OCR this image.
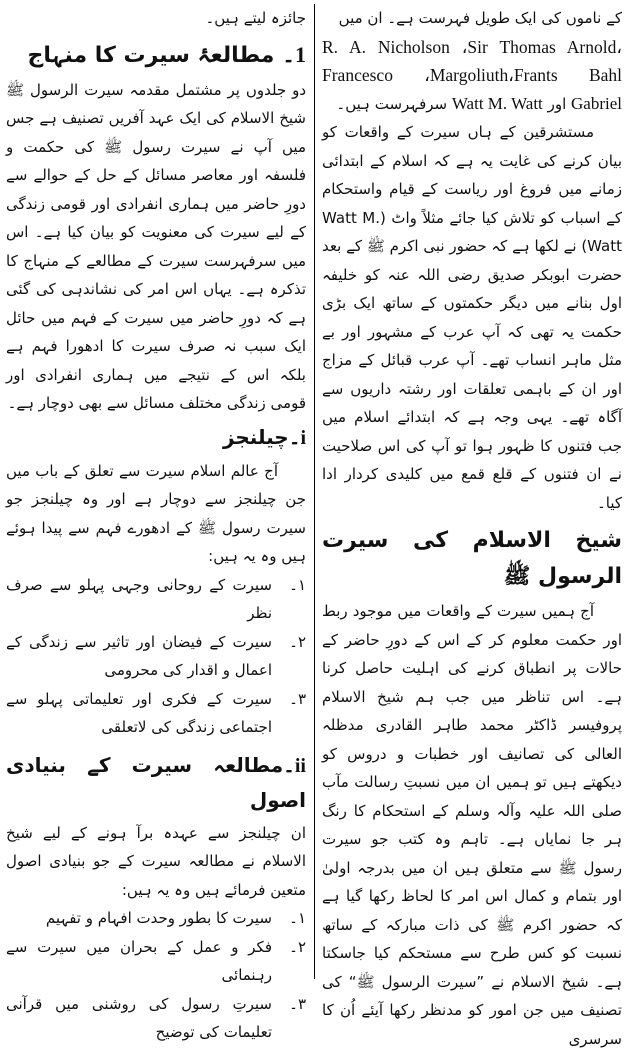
کے ناموں کی ایک طویل فہرست ہے۔ ان میں

R. A. Nicholson ،Sir Thomas Arnold،

Francesco ،Margoliuth،Frants Bahl

Gabriel اور Watt M. Watt سرفہرست ہیں۔

مستشرقین کے ہاں سیرت کے واقعات کو بیان کرنے کی غایت یہ ہے کہ اسلام کے ابتدائی زمانے میں فروغ اور ریاست کے قیام واستحکام کے اسباب کو تلاش کیا جائے مثلاً واٹ (Watt M. Watt) نے لکھا ہے کہ حضور نبی اکرم ﷺ کے بعد حضرت ابوبکر صدیق رضی اللہ عنہ کو خلیفہ اول بنانے میں دیگر حکمتوں کے ساتھ ایک بڑی حکمت یہ تھی کہ آپ عرب کے مشہور اور بے مثل ماہر انساب تھے۔ آپ عرب قبائل کے مزاج اور ان کے باہمی تعلقات اور رشتہ داریوں سے آگاہ تھے۔ یہی وجہ ہے کہ ابتدائے اسلام میں جب فتنوں کا ظہور ہوا تو آپ کی اس صلاحیت نے ان فتنوں کے قلع قمع میں کلیدی کردار ادا کیا۔

شیخ الاسلام کی سیرت الرسول ﷺ

آج ہمیں سیرت کے واقعات میں موجود ربط اور حکمت معلوم کر کے اس کے دورِ حاضر کے حالات پر انطباق کرنے کی اہلیت حاصل کرنا ہے۔ اس تناظر میں جب ہم شیخ الاسلام پروفیسر ڈاکٹر محمد طاہر القادری مدظلہ العالی کی تصانیف اور خطبات و دروس کو دیکھتے ہیں تو ہمیں ان میں نسبتِ رسالت مآب صلی اللہ علیہ وآلہ وسلم کے استحکام کا رنگ ہر جا نمایاں ہے۔ تاہم وہ کتب جو سیرت رسول ﷺ سے متعلق ہیں ان میں بدرجہ اولیٰ اور بتمام و کمال اس امر کا لحاظ رکھا گیا ہے کہ حضور اکرم ﷺ کی ذات مبارکہ کے ساتھ نسبت کو کس طرح سے مستحکم کیا جاسکتا ہے۔ شیخ الاسلام نے ”سیرت الرسول ﷺ“ کی تصنیف میں جن امور کو مدنظر رکھا آیئے اُن کا سرسری

جائزہ لیتے ہیں۔

1۔ مطالعۂ سیرت کا منہاج

دو جلدوں پر مشتمل مقدمہ سیرت الرسول ﷺ شیخ الاسلام کی ایک عہد آفریں تصنیف ہے جس میں آپ نے سیرت رسول ﷺ کی حکمت و فلسفہ اور معاصر مسائل کے حل کے حوالے سے دورِ حاضر میں ہماری انفرادی اور قومی زندگی کے لیے سیرت کی معنویت کو بیان کیا ہے۔ اس میں سرفہرست سیرت کے مطالعے کے منہاج کا تذکرہ ہے۔ یہاں اس امر کی نشاندہی کی گئی ہے کہ دورِ حاضر میں سیرت کے فہم میں حائل ایک سبب نہ صرف سیرت کا ادھورا فہم ہے بلکہ اس کے نتیجے میں ہماری انفرادی اور قومی زندگی مختلف مسائل سے بھی دوچار ہے۔

i۔چیلنجز

آج عالم اسلام سیرت سے تعلق کے باب میں جن چیلنجز سے دوچار ہے اور وہ چیلنجز جو سیرت رسول ﷺ کے ادھورے فہم سے پیدا ہوئے ہیں وہ یہ ہیں:

۱۔
سیرت کے روحانی وجہی پہلو سے صرف نظر
۲۔
سیرت کے فیضان اور تاثیر سے زندگی کے اعمال و اقدار کی محرومی
۳۔
سیرت کے فکری اور تعلیماتی پہلو سے اجتماعی زندگی کی لاتعلقی
ii۔مطالعہ سیرت کے بنیادی اصول

ان چیلنجز سے عہدہ برآ ہونے کے لیے شیخ الاسلام نے مطالعہ سیرت کے جو بنیادی اصول متعین فرمائے ہیں وہ یہ ہیں:

۱۔
سیرت کا بطور وحدت افہام و تفہیم
۲۔
فکر و عمل کے بحران میں سیرت سے رہنمائی
۳۔
سیرتِ رسول کی روشنی میں قرآنی تعلیمات کی توضیح
